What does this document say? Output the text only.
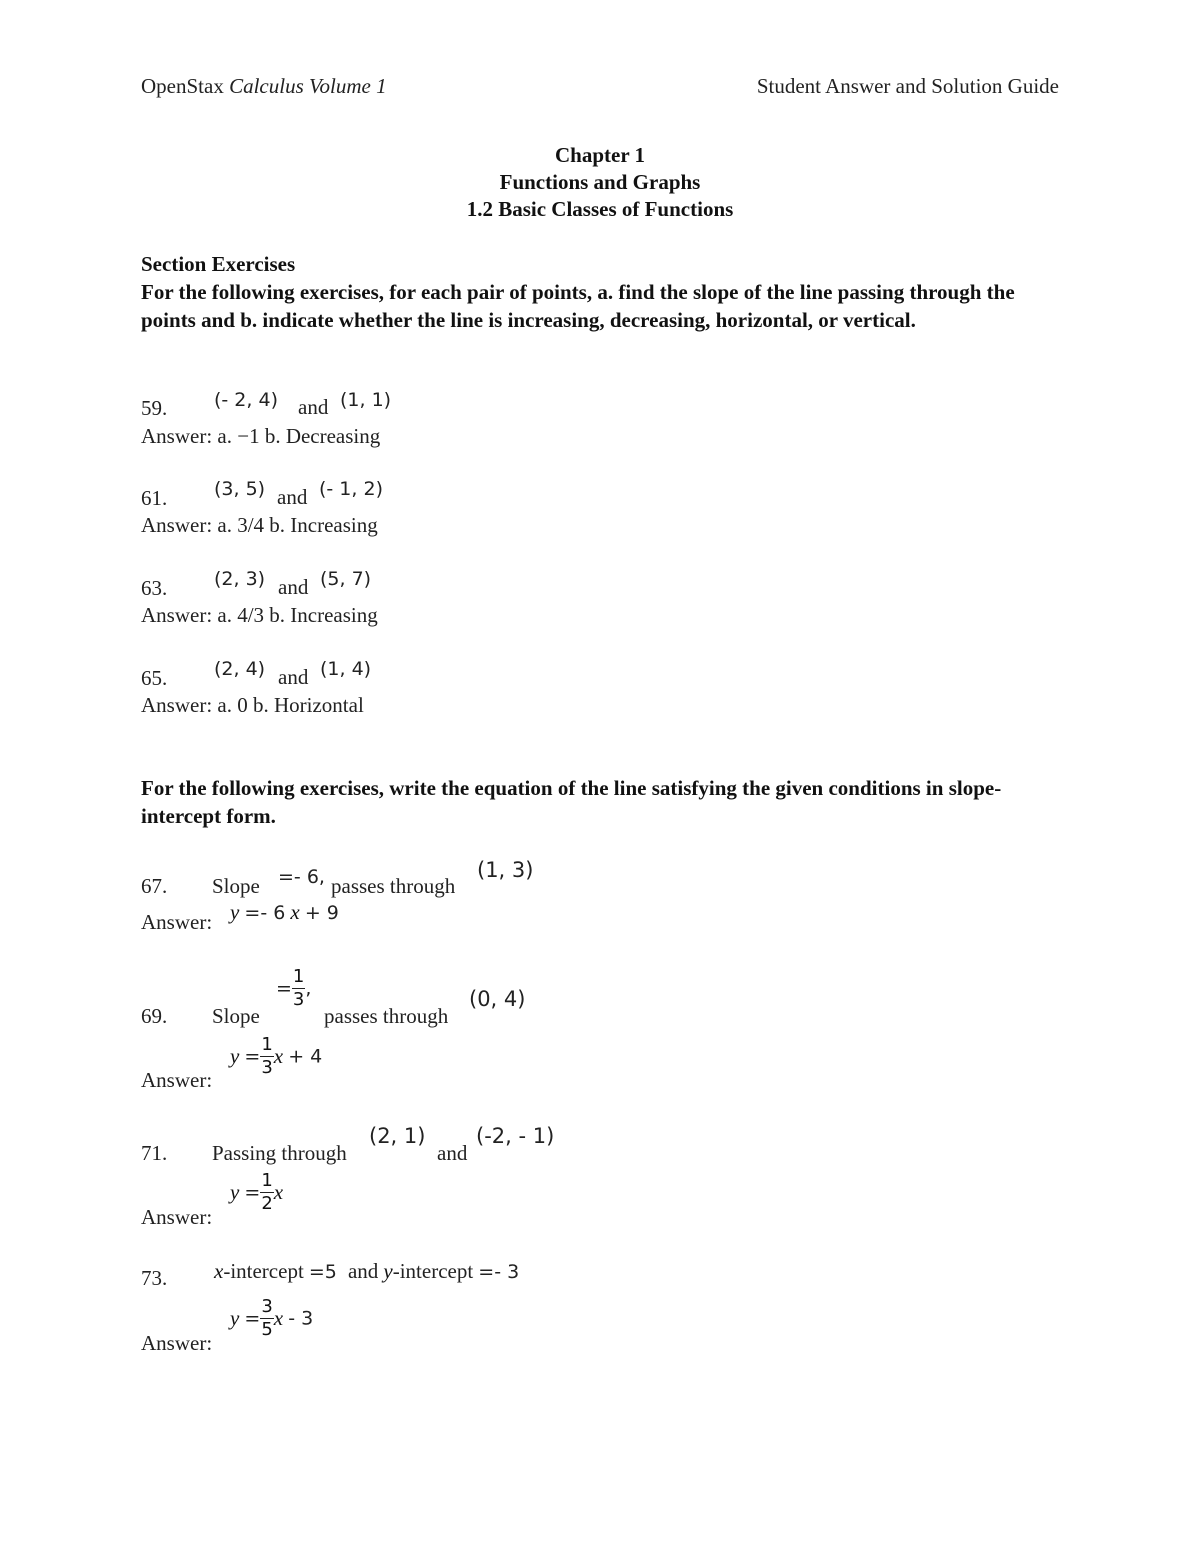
OpenStax Calculus Volume 1	Student Answer and Solution Guide
Chapter 1
Functions and Graphs
1.2 Basic Classes of Functions
Section Exercises
For the following exercises, for each pair of points, a. find the slope of the line passing through the points and b. indicate whether the line is increasing, decreasing, horizontal, or vertical.
59. (- 2, 4) and (1, 1)
Answer: a. −1 b. Decreasing
61. (3, 5) and (- 1, 2)
Answer: a. 3/4 b. Increasing
63. (2, 3) and (5, 7)
Answer: a. 4/3 b. Increasing
65. (2, 4) and (1, 4)
Answer: a. 0 b. Horizontal
For the following exercises, write the equation of the line satisfying the given conditions in slope-intercept form.
67. Slope =- 6, passes through
(1, 3)
Answer: y =- 6 x + 9
69. Slope
= $\frac{1}{3}$ ,
passes through
(0, 4)
Answer:
$y = \frac{1}{3}$ x + 4
71. Passing through
(2, 1)
and
(-2, - 1)
Answer:
$y = \frac{1}{2}$ x
73. x-intercept =5 and y-intercept =- 3
Answer:
$y = \frac{3}{5}$ x - 3
